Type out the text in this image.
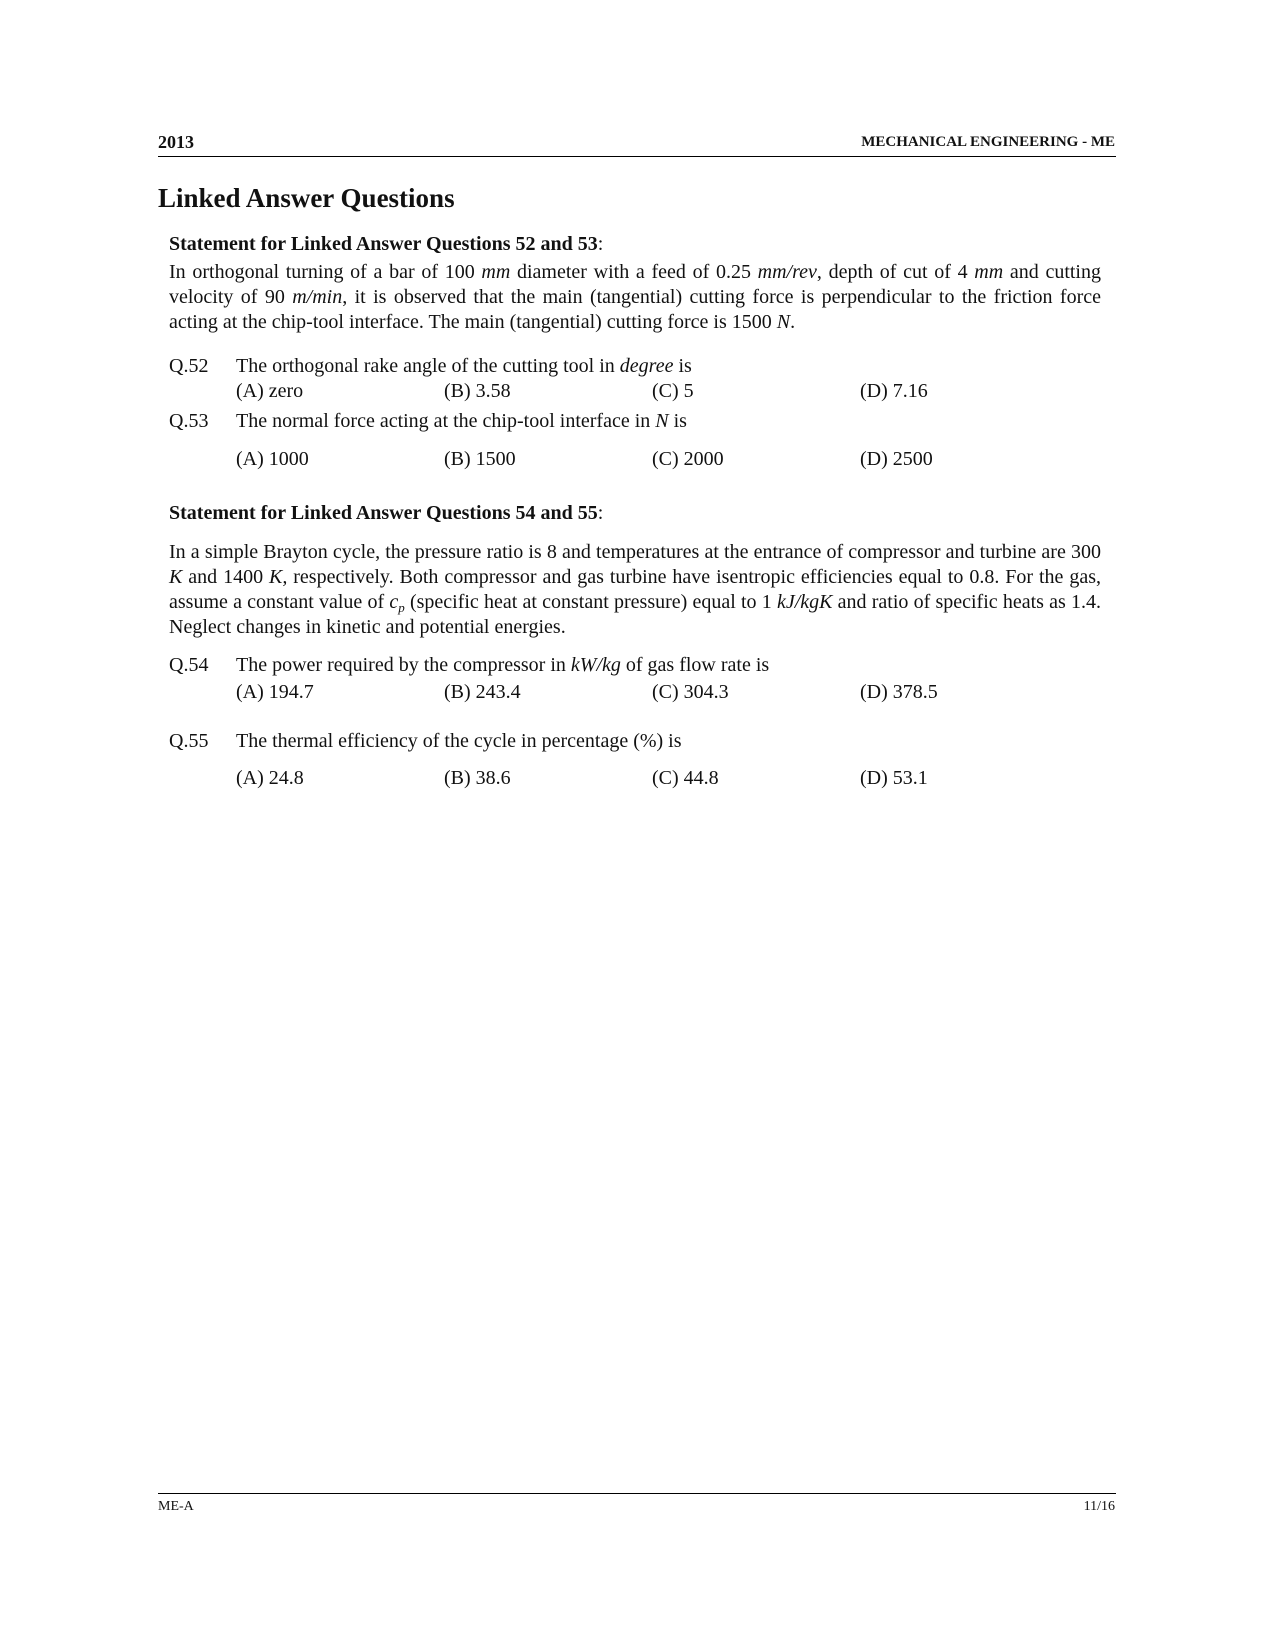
2013	MECHANICAL ENGINEERING - ME
Linked Answer Questions
Statement for Linked Answer Questions 52 and 53:
In orthogonal turning of a bar of 100 mm diameter with a feed of 0.25 mm/rev, depth of cut of 4 mm and cutting velocity of 90 m/min, it is observed that the main (tangential) cutting force is perpendicular to the friction force acting at the chip-tool interface. The main (tangential) cutting force is 1500 N.
Q.52 The orthogonal rake angle of the cutting tool in degree is
(A) zero	(B) 3.58	(C) 5	(D) 7.16
Q.53 The normal force acting at the chip-tool interface in N is
(A) 1000	(B) 1500	(C) 2000	(D) 2500
Statement for Linked Answer Questions 54 and 55:
In a simple Brayton cycle, the pressure ratio is 8 and temperatures at the entrance of compressor and turbine are 300 K and 1400 K, respectively. Both compressor and gas turbine have isentropic efficiencies equal to 0.8. For the gas, assume a constant value of $c_p$ (specific heat at constant pressure) equal to 1 kJ/kgK and ratio of specific heats as 1.4. Neglect changes in kinetic and potential energies.
Q.54 The power required by the compressor in kW/kg of gas flow rate is
(A) 194.7	(B) 243.4	(C) 304.3	(D) 378.5
Q.55 The thermal efficiency of the cycle in percentage (%) is
(A) 24.8	(B) 38.6	(C) 44.8	(D) 53.1
ME-A	11/16
